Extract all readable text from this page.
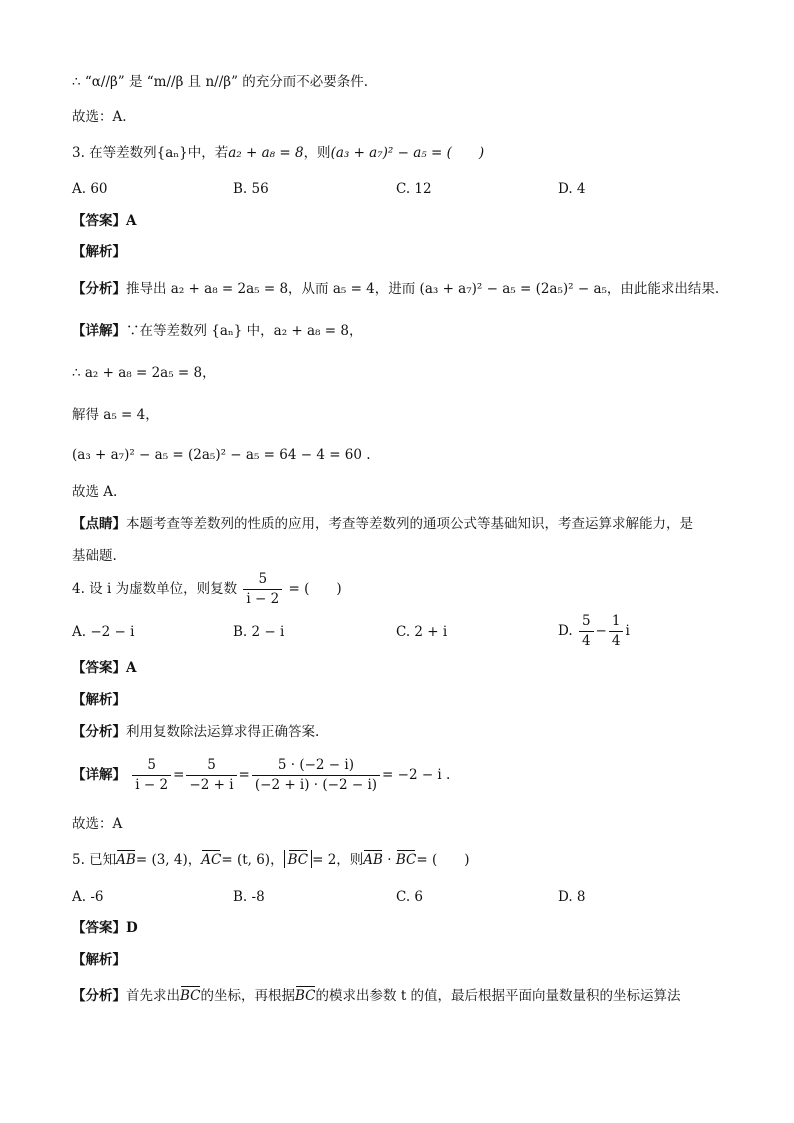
∴ “α//β” 是 “m//β 且 n//β” 的充分而不必要条件.
故选：A.
3. 在等差数列{aₙ}中，若a₂ + a₈ = 8，则(a₃ + a₇)² − a₅ = (　　)
A. 60	B. 56	C. 12	D. 4
【答案】A
【解析】
【分析】推导出 a₂ + a₈ = 2a₅ = 8，从而 a₅ = 4，进而 (a₃ + a₇)² − a₅ = (2a₅)² − a₅，由此能求出结果.
【详解】∵在等差数列 {aₙ} 中，a₂ + a₈ = 8，
∴ a₂ + a₈ = 2a₅ = 8，
解得 a₅ = 4，
(a₃ + a₇)² − a₅ = (2a₅)² − a₅ = 64 − 4 = 60 .
故选 A.
【点睛】本题考查等差数列的性质的应用，考查等差数列的通项公式等基础知识，考查运算求解能力，是
基础题.
4. 设 i 为虚数单位，则复数 $\frac{5}{i - 2}$ = (　　)
A. −2 − i	B. 2 − i	C. 2 + i	D. $\frac{5}{4} - \frac{1}{4}$ i
【答案】A
【解析】
【分析】利用复数除法运算求得正确答案.
【详解】 $\frac{5}{i - 2} = \frac{5}{-2 + i} = \frac{5 \cdot (-2 - i)}{(-2 + i) \cdot (-2 - i)} = -2 - i$ .
故选：A
5. 已知AB= (3, 4)，AC= (t, 6)， BC = 2，则AB · BC= (　　)
A. -6	B. -8	C. 6	D. 8
【答案】D
【解析】
【分析】首先求出BC的坐标，再根据BC的模求出参数 t 的值，最后根据平面向量数量积的坐标运算法
